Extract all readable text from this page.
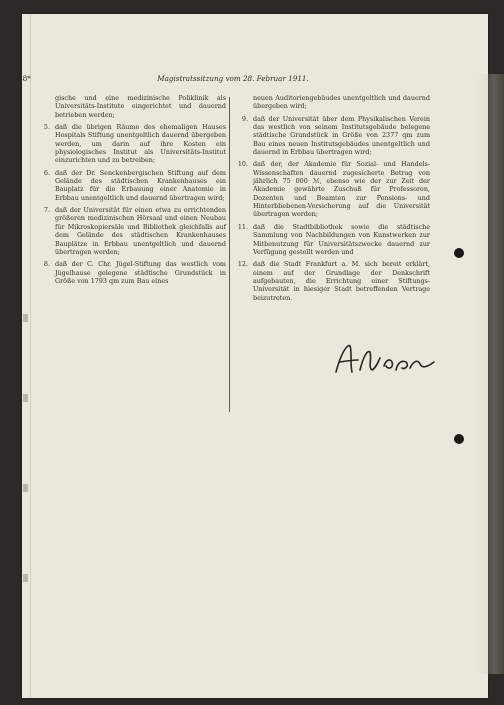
68*	Magistratssitzung vom 28. Februar 1911.
gische und eine medizinische Poliklinik als Universitäts-Institute eingerichtet und dauernd betrieben werden;
5. daß die übrigen Räume des ehemaligen Hauses Hospitals Stiftung unentgeltlich dauernd übergeben werden, um darin auf ihre Kosten ein physiologisches Institut als Universitäts-Institut einzurichten und zu betreiben;
6. daß der Dr. Senckenbergischen Stiftung auf dem Gelände des städtischen Krankenhauses ein Bauplatz für die Erbauung einer Anatomie in Erbbau unentgeltlich und dauernd übertragen wird;
7. daß der Universität für einen etwa zu errichtenden größeren medizinischen Hörsaal und einen Neubau für Mikroskopiersäle und Bibliothek gleichfalls auf dem Gelände des städtischen Krankenhauses Bauplätze in Erbbau unentgeltlich und dauernd übertragen werden;
8. daß der C. Chr. Jügel-Stiftung das westlich vom Jügelhause gelegene städtische Grundstück in Größe von 1793 qm zum Bau eines
neuen Auditoriengebäudes unentgeltlich und dauernd übergeben wird;
9. daß der Universität über dem Physikalischen Verein das westlich von seinem Institutsgebäude belegene städtische Grundstück in Größe von 2377 qm zum Bau eines neuen Institutsgebäudes unentgeltlich und dauernd in Erbbau übertragen wird;
10. daß der, der Akademie für Sozial- und Handels-Wissenschaften dauernd zugesicherte Betrag von jährlich 75 000 ℳ, ebenso wie der zur Zeit der Akademie gewährte Zuschuß für Professoren, Dozenten und Beamten zur Pensions- und Hinterbliebenen-Versicherung auf die Universität übertragen werden;
11. daß die Stadtbibliothek sowie die städtische Sammlung von Nachbildungen von Kunstwerken zur Mitbenutzung für Universitätszwecke dauernd zur Verfügung gestellt werden und
12. daß die Stadt Frankfurt a. M. sich bereit erklärt, einem auf der Grundlage der Denkschrift aufgebauten, die Errichtung einer Stiftungs-Universität in hiesiger Stadt betreffenden Vertrage beizutreten.
